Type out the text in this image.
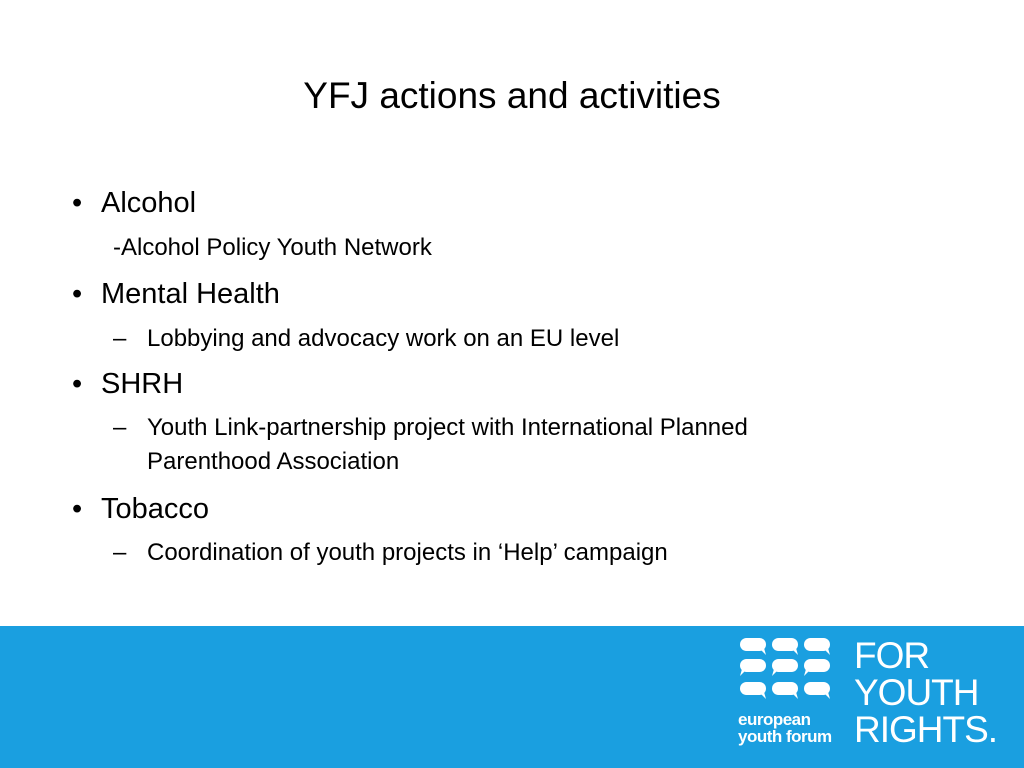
YFJ actions and activities
• Alcohol
-Alcohol Policy Youth Network
• Mental Health
– Lobbying and advocacy work on an EU level
• SHRH
– Youth Link-partnership project with International Planned
Parenthood Association
• Tobacco
– Coordination of youth projects in ‘Help’ campaign
european
youth forum
FOR
YOUTH
RIGHTS.
